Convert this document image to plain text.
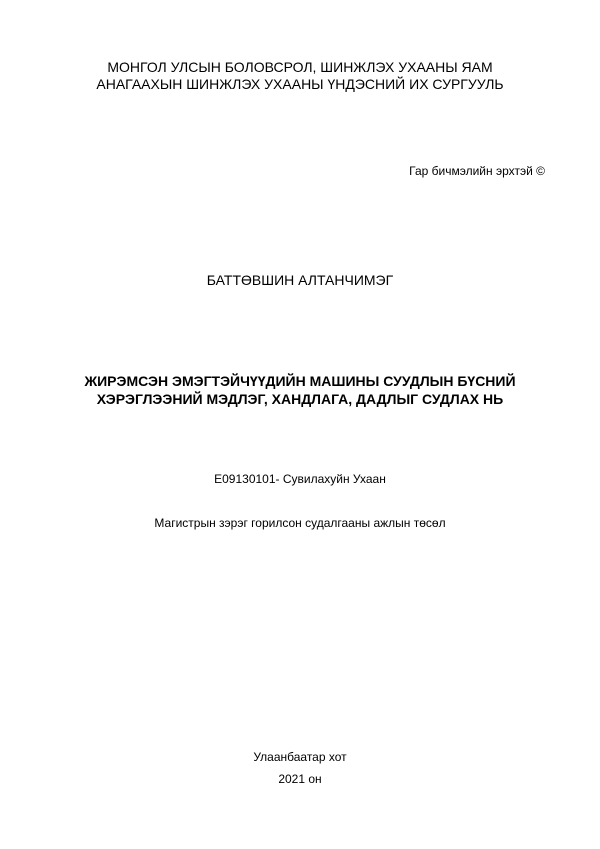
МОНГОЛ УЛСЫН БОЛОВСРОЛ, ШИНЖЛЭХ УХААНЫ ЯАМ
АНАГААХЫН ШИНЖЛЭХ УХААНЫ ҮНДЭСНИЙ ИХ СУРГУУЛЬ
Гар бичмэлийн эрхтэй ©
БАТТӨВШИН АЛТАНЧИМЭГ
ЖИРЭМСЭН ЭМЭГТЭЙЧҮҮДИЙН МАШИНЫ СУУДЛЫН БҮСНИЙ
ХЭРЭГЛЭЭНИЙ МЭДЛЭГ, ХАНДЛАГА, ДАДЛЫГ СУДЛАХ НЬ
E09130101- Сувилахуйн Ухаан
Магистрын зэрэг горилсон судалгааны ажлын төсөл
Улаанбаатар хот
2021 он
